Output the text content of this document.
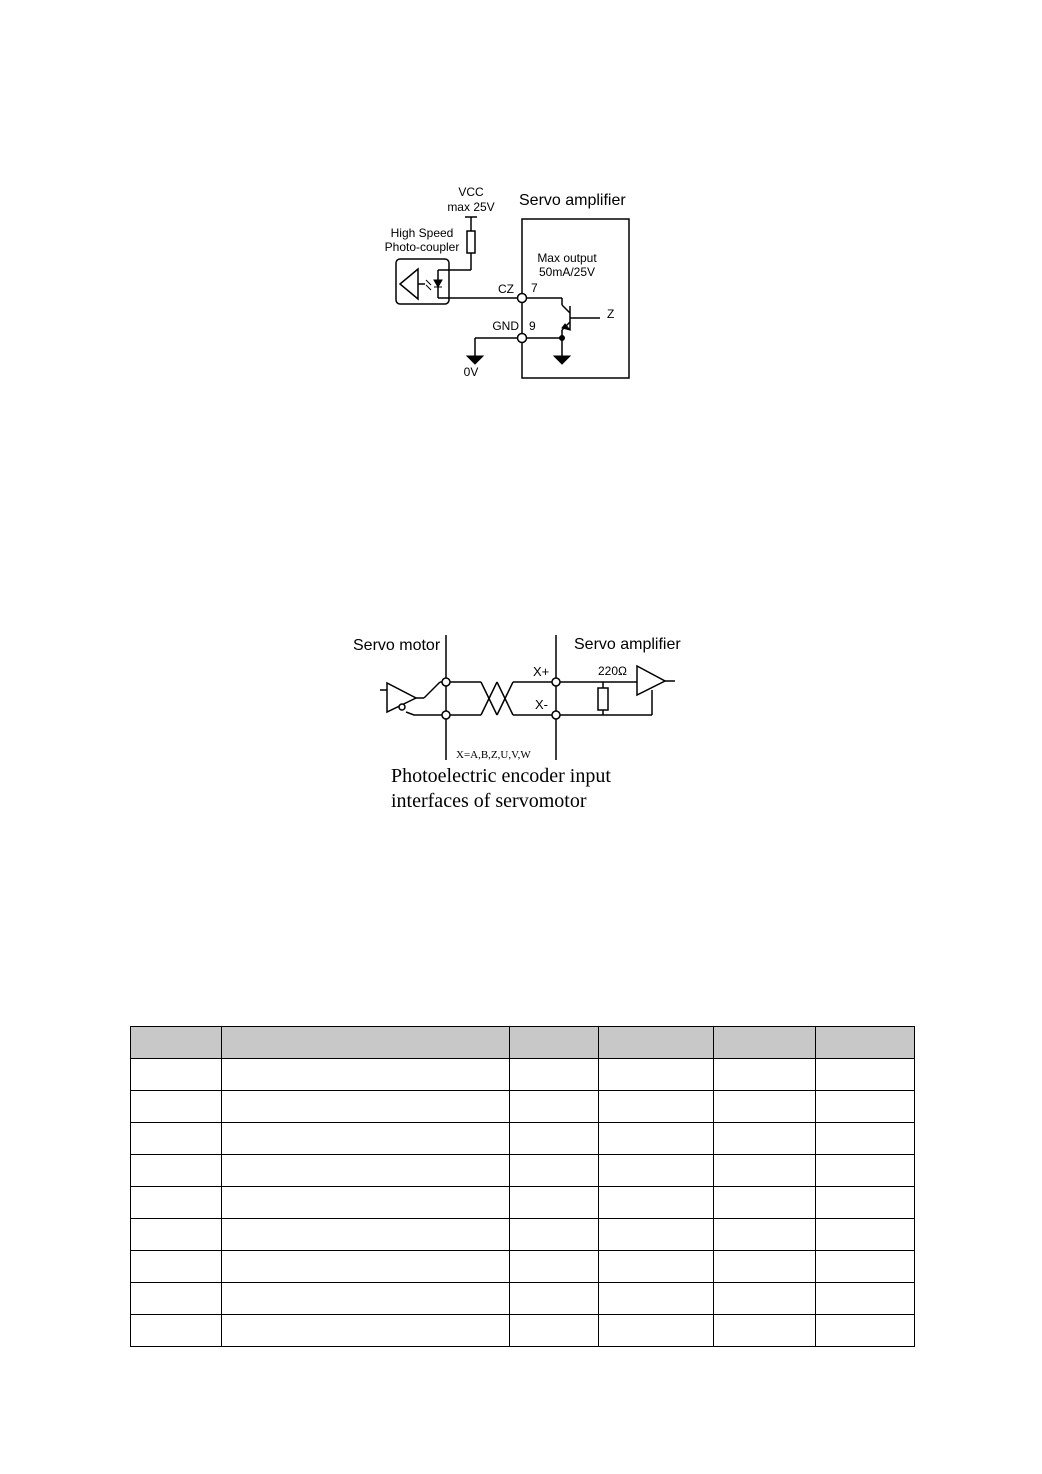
VCC
max 25V Servo amplifier
High Speed
Photo-coupler
Max output
50mA/25V
CZ 7
GND 9
Z
0V
Servo motor	Servo amplifier
X+
X-
220Ω
X=A,B,Z,U,V,W
Photoelectric encoder input
interfaces of servomotor
